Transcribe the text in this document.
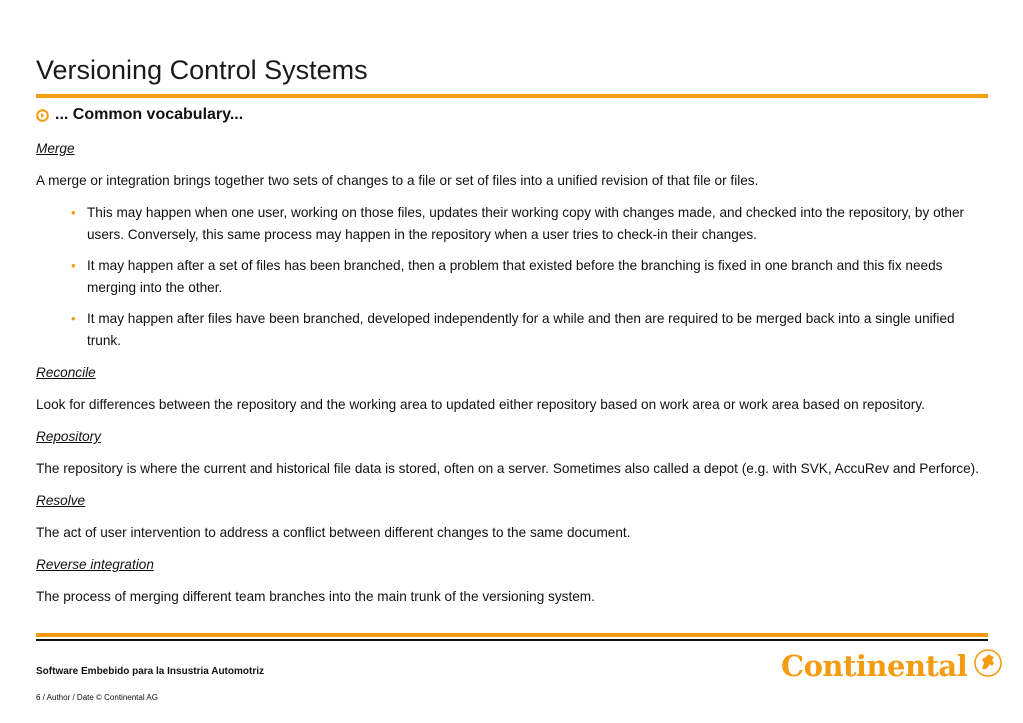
Versioning Control Systems
... Common vocabulary...
Merge
A merge or integration brings together two sets of changes to a file or set of files into a unified revision of that file or files.
• This may happen when one user, working on those files, updates their working copy with changes made, and checked into the repository, by other users. Conversely, this same process may happen in the repository when a user tries to check-in their changes.
• It may happen after a set of files has been branched, then a problem that existed before the branching is fixed in one branch and this fix needs merging into the other.
• It may happen after files have been branched, developed independently for a while and then are required to be merged back into a single unified trunk.
Reconcile
Look for differences between the repository and the working area to updated either repository based on work area or work area based on repository.
Repository
The repository is where the current and historical file data is stored, often on a server. Sometimes also called a depot (e.g. with SVK, AccuRev and Perforce).
Resolve
The act of user intervention to address a conflict between different changes to the same document.
Reverse integration
The process of merging different team branches into the main trunk of the versioning system.
Software Embebido para la Insustria Automotriz
6 / Author / Date © Continental AG
Continental
